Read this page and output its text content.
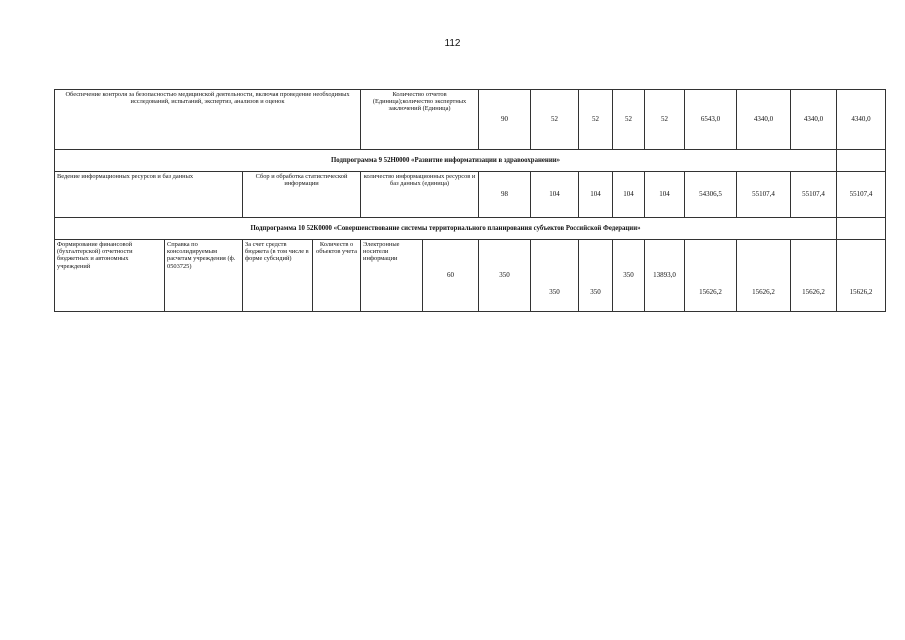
112
Обеспечение контроля за безопасностью медицинской деятельности, включая проведение необходимых исследований, испытаний, экспертиз, анализов и оценок				Количество отчетов (Единица);количество экспертных заключений (Единица)		90	52	52	52	52	6543,0	4340,0	4340,0	4340,0	
Подпрограмма 9 52Н0000 «Развитие информатизации в здравоохранении»															
Ведение информационных ресурсов и баз данных		Сбор и обработка статистической информации		количество информационных ресурсов и баз данных (единица)		98	104	104	104	104	54306,5	55107,4	55107,4	55107,4	
Подпрограмма 10 52К0000 «Совершенствование системы территориального планирования субъектов Российской Федерации»															
Формирование финансовой (бухгалтерской) отчетности бюджетных и автономных учреждений	Справка по консолидируемым расчетам учреждения (ф. 0503725)	За счет средств бюджета (в том числе в форме субсидий)	Количеств о объектов учета	Электронные носители информации	60	350	350	350	350	13893,0	15626,2	15626,2	15626,2	15626,2	
